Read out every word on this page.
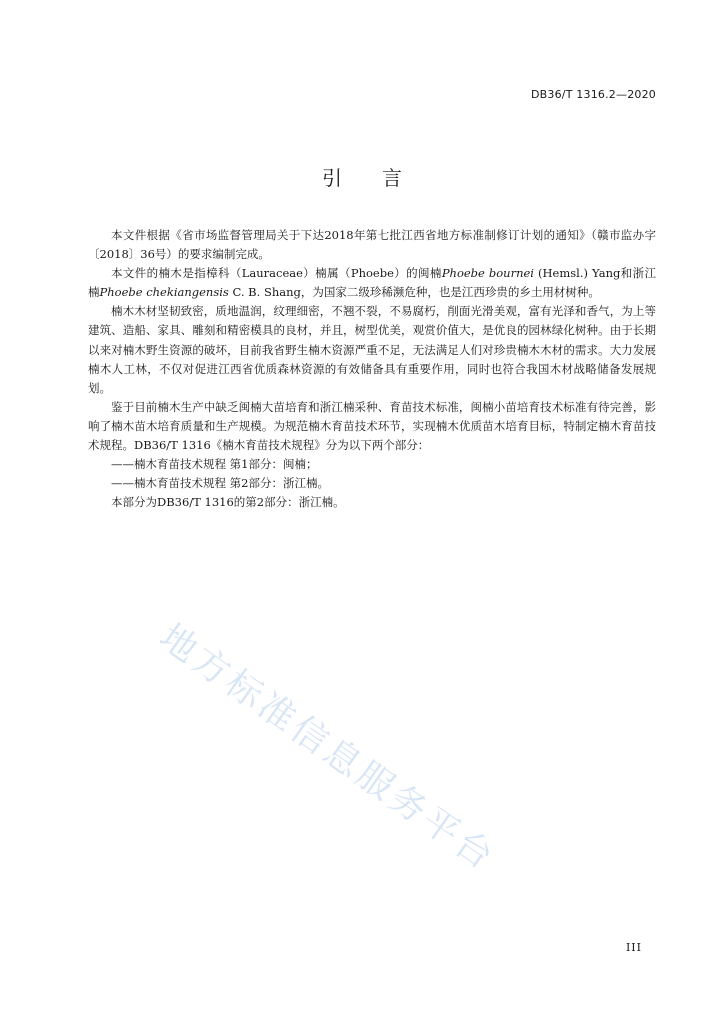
DB36/T 1316.2—2020
引 言

本文件根据《省市场监督管理局关于下达2018年第七批江西省地方标准制修订计划的通知》（赣市监办字〔2018〕36号）的要求编制完成。

本文件的楠木是指樟科（Lauraceae）楠属（Phoebe）的闽楠Phoebe bournei (Hemsl.) Yang和浙江楠Phoebe chekiangensis C. B. Shang，为国家二级珍稀濒危种，也是江西珍贵的乡土用材树种。

楠木木材坚韧致密，质地温润，纹理细密，不翘不裂，不易腐朽，削面光滑美观，富有光泽和香气，为上等建筑、造船、家具、雕刻和精密模具的良材，并且，树型优美，观赏价值大，是优良的园林绿化树种。由于长期以来对楠木野生资源的破坏，目前我省野生楠木资源严重不足，无法满足人们对珍贵楠木木材的需求。大力发展楠木人工林，不仅对促进江西省优质森林资源的有效储备具有重要作用，同时也符合我国木材战略储备发展规划。

鉴于目前楠木生产中缺乏闽楠大苗培育和浙江楠采种、育苗技术标准，闽楠小苗培育技术标准有待完善，影响了楠木苗木培育质量和生产规模。为规范楠木育苗技术环节，实现楠木优质苗木培育目标，特制定楠木育苗技术规程。DB36/T 1316《楠木育苗技术规程》分为以下两个部分：

——楠木育苗技术规程 第1部分：闽楠；

——楠木育苗技术规程 第2部分：浙江楠。

本部分为DB36/T 1316的第2部分：浙江楠。

地方标准信息服务平台
III
